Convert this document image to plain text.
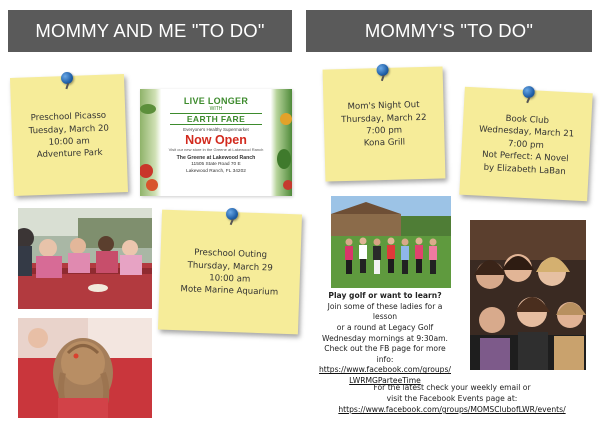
MOMMY AND ME "TO DO"	MOMMY'S "TO DO"
Preschool Picasso
Tuesday, March 20
10:00 am
Adventure Park
LIVE LONGER
WITH
EARTH FARE
Everyone's Healthy Supermarket
Now Open
Visit our new store in the Greene at Lakewood Ranch
The Greene at Lakewood Ranch
11505 State Road 70 E
Lakewood Ranch, FL 34202
Preschool Outing
Thursday, March 29
10:00 am
Mote Marine Aquarium
Mom's Night Out
Thursday, March 22
7:00 pm
Kona Grill
Book Club
Wednesday, March 21
7:00 pm
Not Perfect: A Novel
by Elizabeth LaBan
Play golf or want to learn?
Join some of these ladies for a lesson
or a round at Legacy Golf
Wednesday mornings at 9:30am.
Check out the FB page for more info:
https://www.facebook.com/groups/
LWRMGParteeTime
For the latest check your weekly email or
visit the Facebook Events page at:
https://www.facebook.com/groups/MOMSClubofLWR/events/
